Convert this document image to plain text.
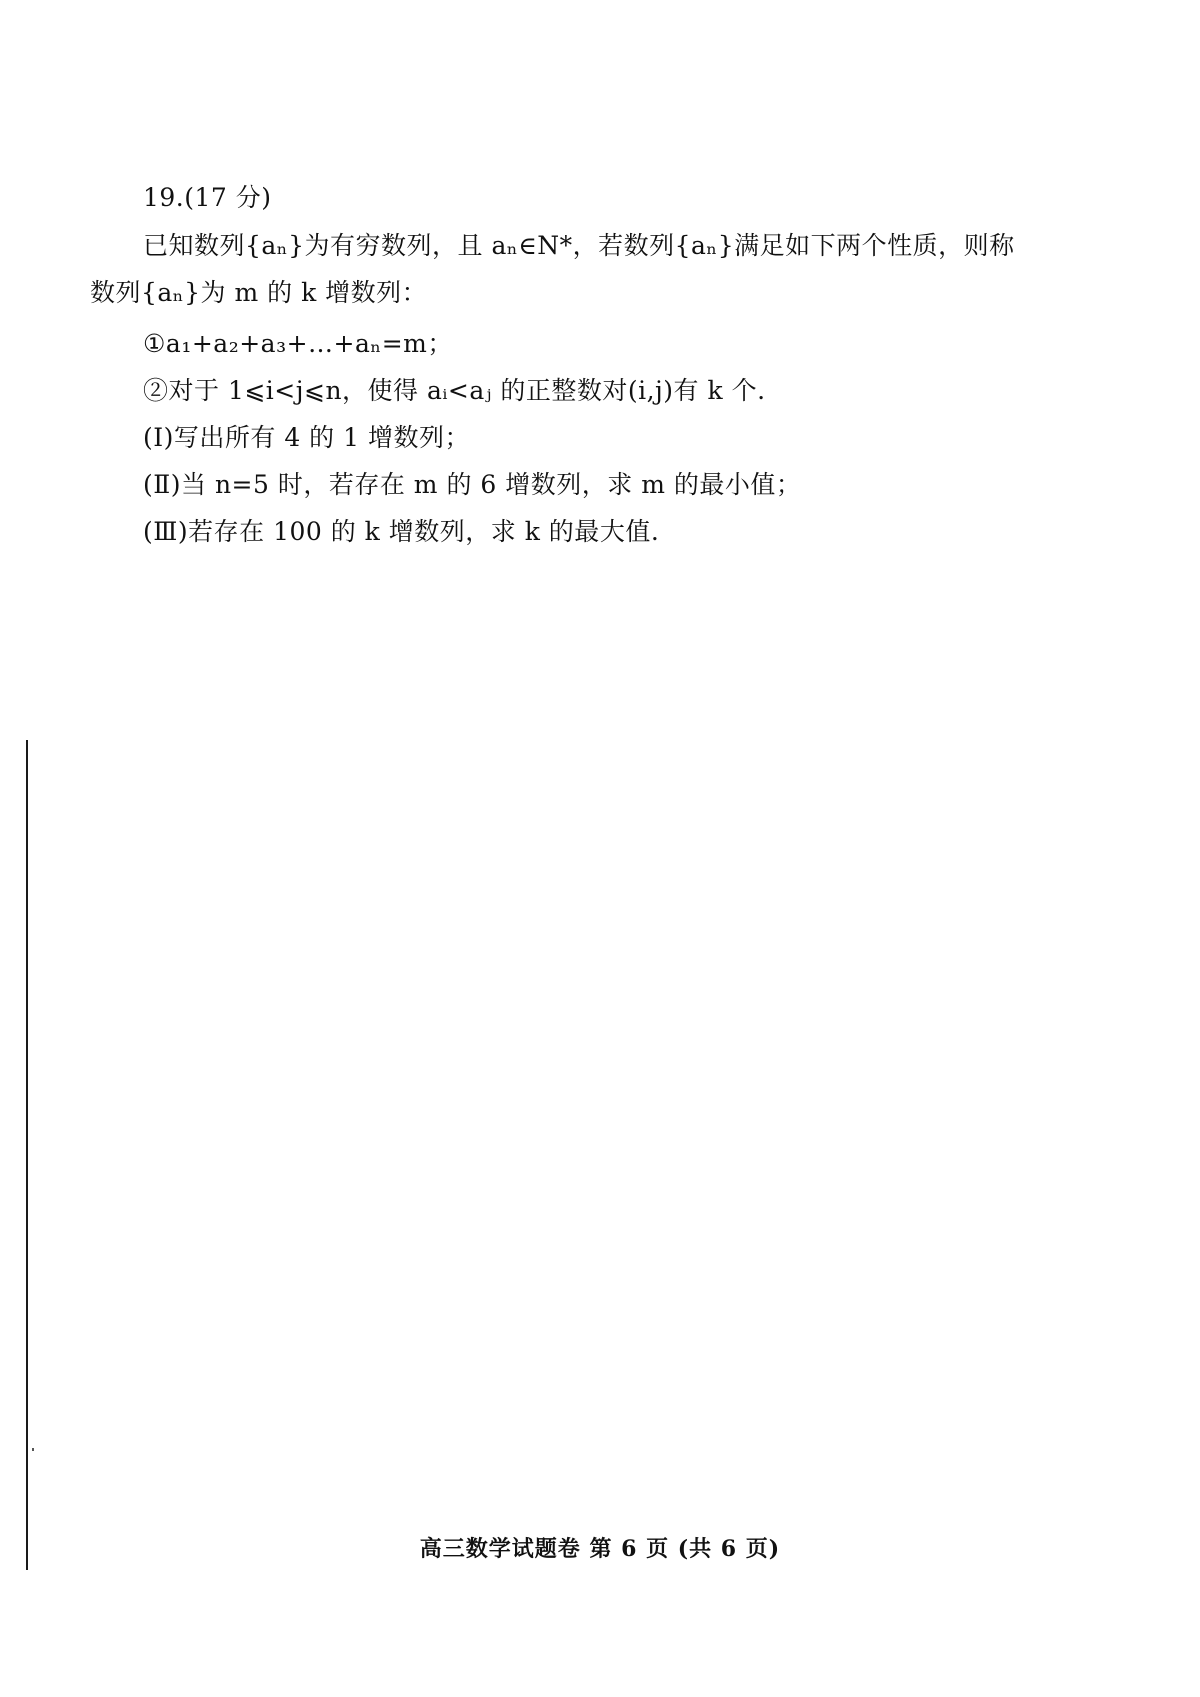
19.(17 分)
已知数列{aₙ}为有穷数列，且 aₙ∈N*，若数列{aₙ}满足如下两个性质，则称
数列{aₙ}为 m 的 k 增数列：
①a₁+a₂+a₃+…+aₙ=m；
②对于 1⩽i<j⩽n，使得 aᵢ<aⱼ 的正整数对(i,j)有 k 个.
(Ⅰ)写出所有 4 的 1 增数列；
(Ⅱ)当 n=5 时，若存在 m 的 6 增数列，求 m 的最小值；
(Ⅲ)若存在 100 的 k 增数列，求 k 的最大值.
高三数学试题卷 第 6 页 (共 6 页)
